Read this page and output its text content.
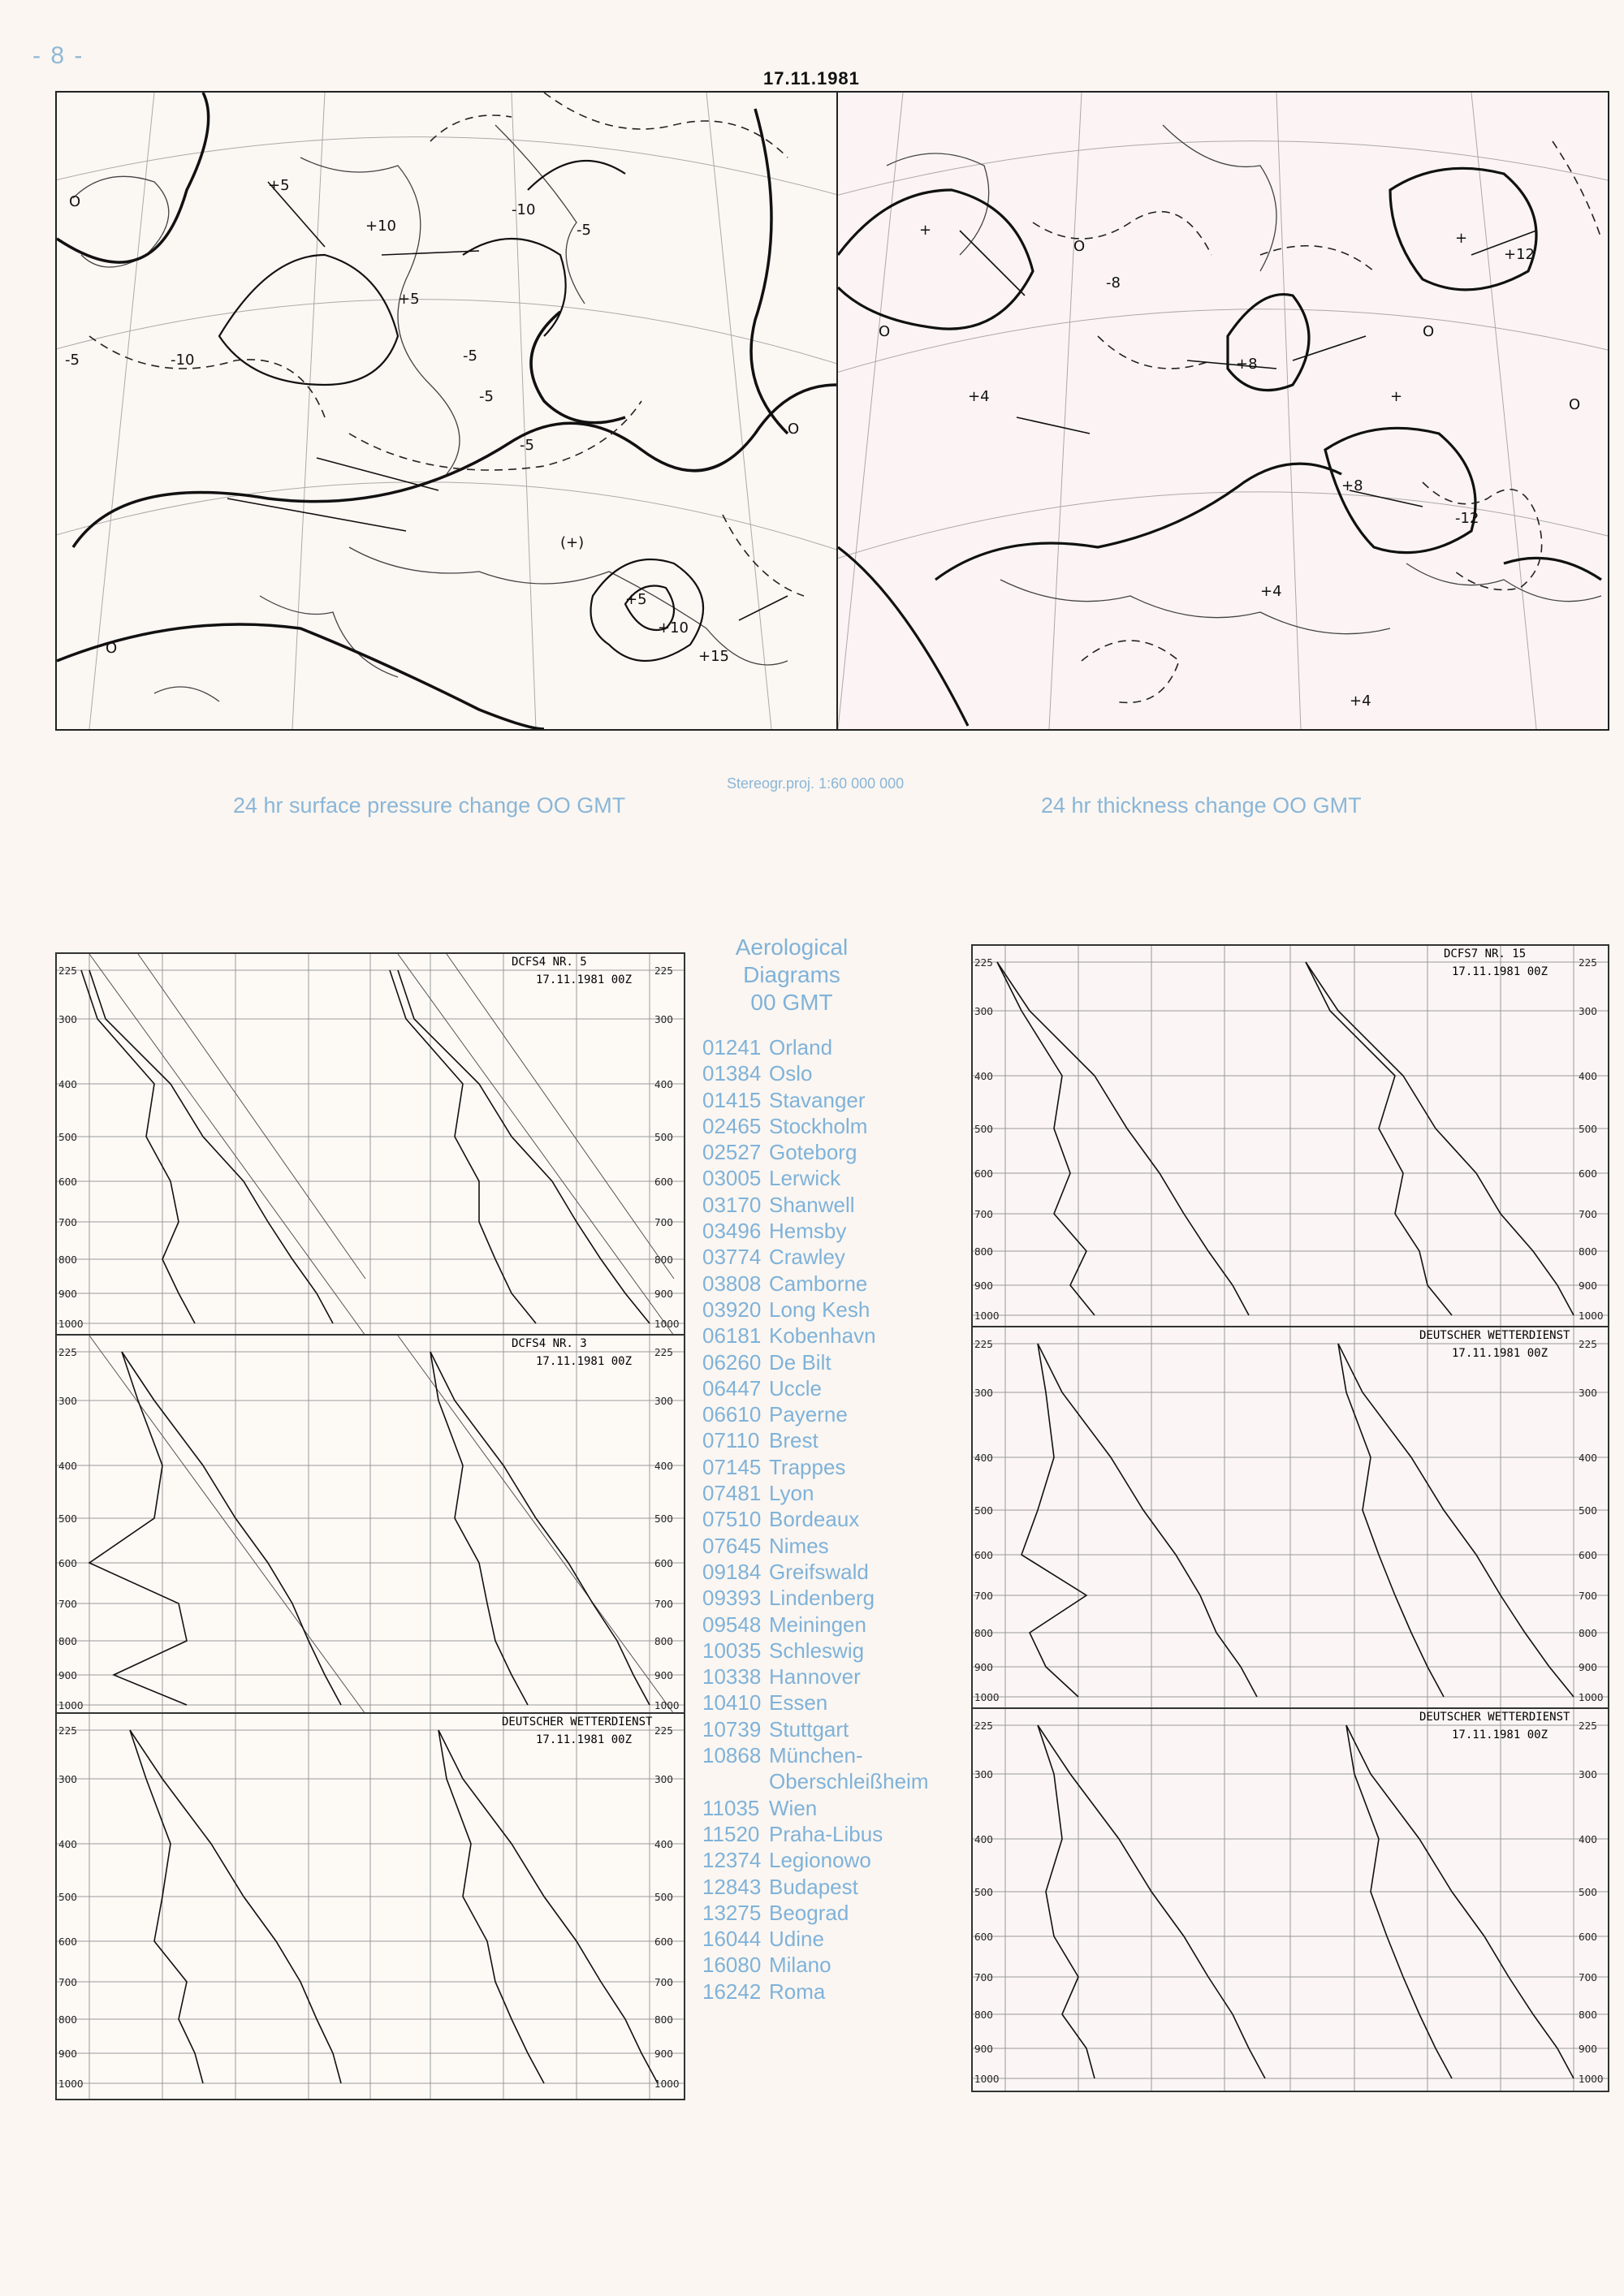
- 8 -
17.11.1981
O
+10
+5
-5	-10	-5
-5
+5
+10
+15
O
O
-10
-5
(+)
+5
-5
+
O
+8
+
+12
+8
-12
+4
+4
-8
O
O
+
O
+4
24 hr surface pressure change OO GMT	24 hr thickness change OO GMT
Stereogr.proj. 1:60 000 000
DCFS4 NR. 5
17.11.1981 00Z
225	225
300	300
400	400
500	500
600	600
700	700
800	800
900	900
1000	1000
DCFS4 NR. 3
17.11.1981 00Z
225	225
300	300
400	400
500	500
600	600
700	700
800	800
900	900
1000	1000
DEUTSCHER WETTERDIENST
17.11.1981 00Z
225	225
300	300
400	400
500	500
600	600
700	700
800	800
900	900
1000	1000
Aerological
Diagrams
00 GMT
01241 Orland
01384 Oslo
01415 Stavanger
02465 Stockholm
02527 Goteborg
03005 Lerwick
03170 Shanwell
03496 Hemsby
03774 Crawley
03808 Camborne
03920 Long Kesh
06181 Kobenhavn
06260 De Bilt
06447 Uccle
06610 Payerne
07110 Brest
07145 Trappes
07481 Lyon
07510 Bordeaux
07645 Nimes
09184 Greifswald
09393 Lindenberg
09548 Meiningen
10035 Schleswig
10338 Hannover
10410 Essen
10739 Stuttgart
10868 München-
Oberschleißheim
11035 Wien
11520 Praha-Libus
12374 Legionowo
12843 Budapest
13275 Beograd
16044 Udine
16080 Milano
16242 Roma
DCFS7 NR. 15
17.11.1981 00Z
225	225
300	300
400	400
500	500
600	600
700	700
800	800
900	900
1000	1000
DEUTSCHER WETTERDIENST
17.11.1981 00Z
225	225
300	300
400	400
500	500
600	600
700	700
800	800
900	900
1000	1000
DEUTSCHER WETTERDIENST
17.11.1981 00Z
225	225
300	300
400	400
500	500
600	600
700	700
800	800
900	900
1000	1000
